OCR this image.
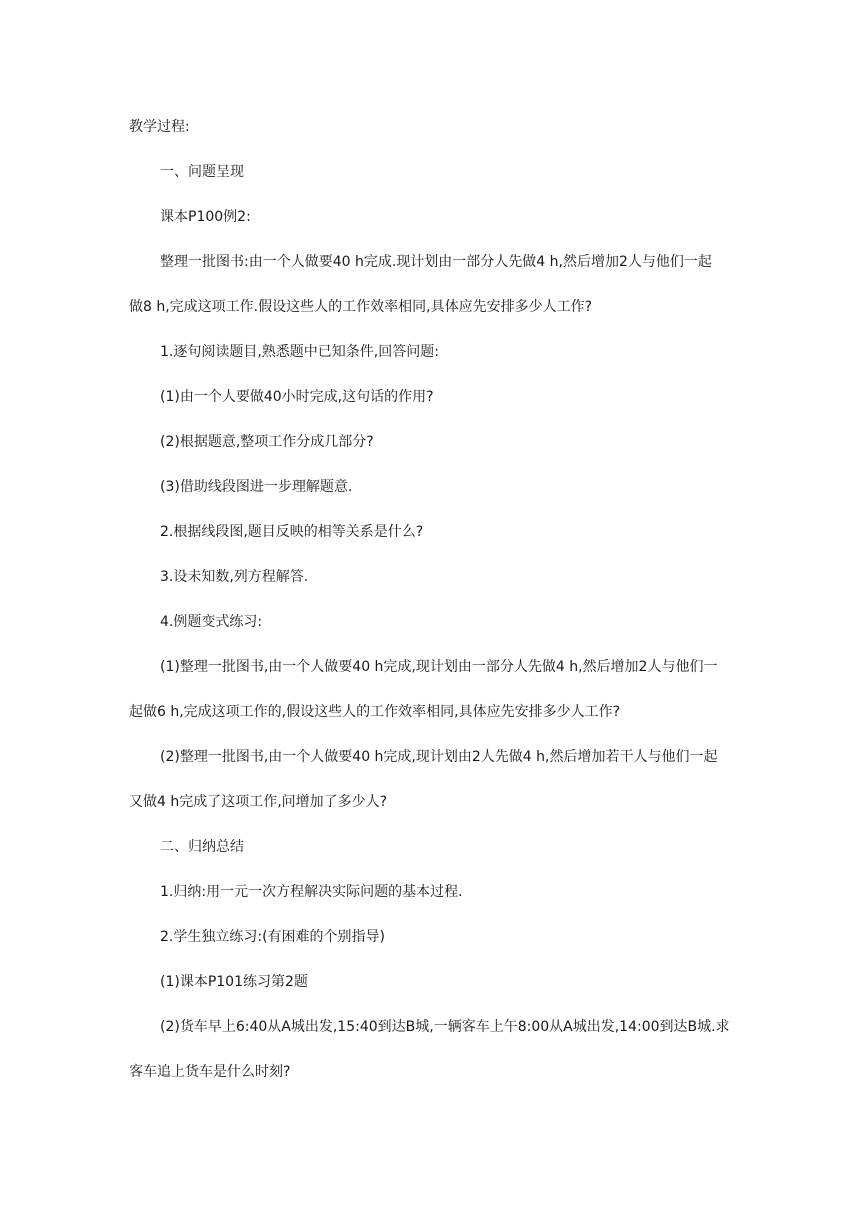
教学过程:
一、问题呈现
课本P100例2:
整理一批图书:由一个人做要40 h完成.现计划由一部分人先做4 h,然后增加2人与他们一起
做8 h,完成这项工作.假设这些人的工作效率相同,具体应先安排多少人工作?
1.逐句阅读题目,熟悉题中已知条件,回答问题:
(1)由一个人要做40小时完成,这句话的作用?
(2)根据题意,整项工作分成几部分?
(3)借助线段图进一步理解题意.
2.根据线段图,题目反映的相等关系是什么?
3.设未知数,列方程解答.
4.例题变式练习:
(1)整理一批图书,由一个人做要40 h完成,现计划由一部分人先做4 h,然后增加2人与他们一
起做6 h,完成这项工作的,假设这些人的工作效率相同,具体应先安排多少人工作?
(2)整理一批图书,由一个人做要40 h完成,现计划由2人先做4 h,然后增加若干人与他们一起
又做4 h完成了这项工作,问增加了多少人?
二、归纳总结
1.归纳:用一元一次方程解决实际问题的基本过程.
2.学生独立练习:(有困难的个别指导)
(1)课本P101练习第2题
(2)货车早上6:40从A城出发,15:40到达B城,一辆客车上午8:00从A城出发,14:00到达B城.求
客车追上货车是什么时刻?
